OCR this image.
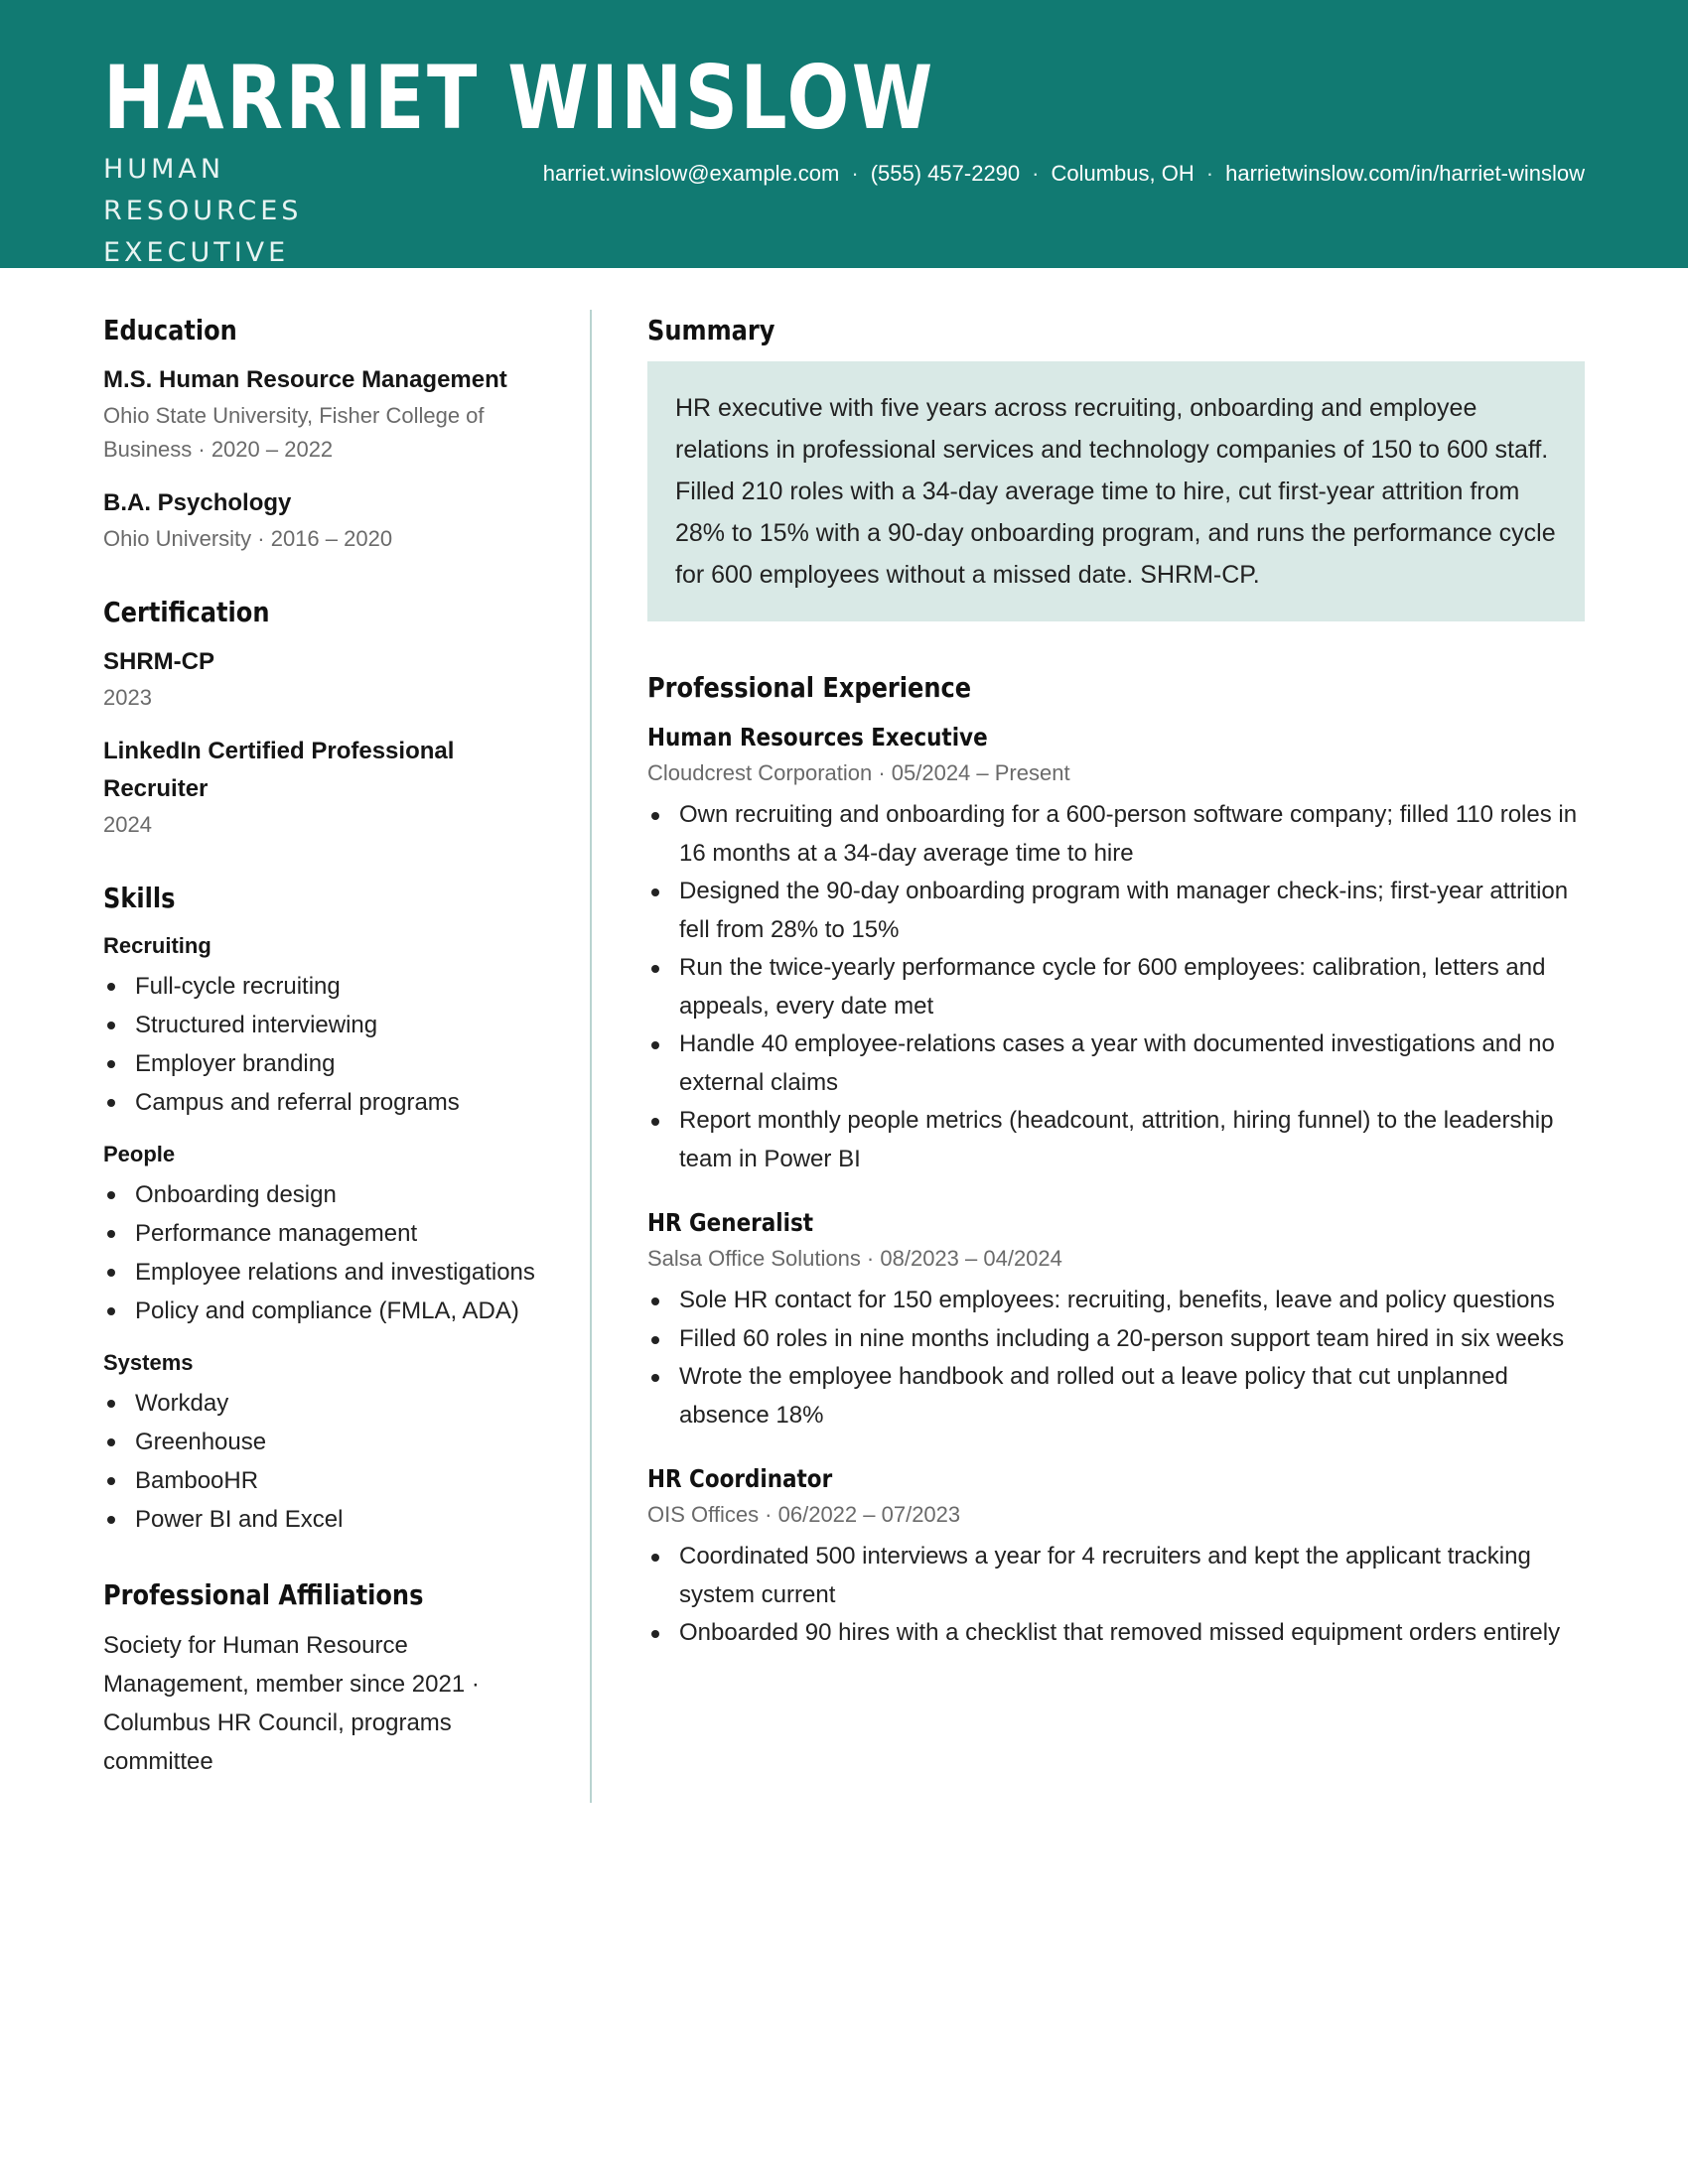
HARRIET WINSLOW
HUMAN RESOURCES EXECUTIVE
harriet.winslow@example.com · (555) 457-2290 · Columbus, OH · harrietwinslow.com/in/harriet-winslow
Education
M.S. Human Resource Management
Ohio State University, Fisher College of Business · 2020 – 2022
B.A. Psychology
Ohio University · 2016 – 2020
Certification
SHRM-CP
2023
LinkedIn Certified Professional Recruiter
2024
Skills
Recruiting
Full-cycle recruiting
Structured interviewing
Employer branding
Campus and referral programs
People
Onboarding design
Performance management
Employee relations and investigations
Policy and compliance (FMLA, ADA)
Systems
Workday
Greenhouse
BambooHR
Power BI and Excel
Professional Affiliations
Society for Human Resource Management, member since 2021 · Columbus HR Council, programs committee
Summary
HR executive with five years across recruiting, onboarding and employee relations in professional services and technology companies of 150 to 600 staff. Filled 210 roles with a 34-day average time to hire, cut first-year attrition from 28% to 15% with a 90-day onboarding program, and runs the performance cycle for 600 employees without a missed date. SHRM-CP.
Professional Experience
Human Resources Executive
Cloudcrest Corporation · 05/2024 – Present
Own recruiting and onboarding for a 600-person software company; filled 110 roles in 16 months at a 34-day average time to hire
Designed the 90-day onboarding program with manager check-ins; first-year attrition fell from 28% to 15%
Run the twice-yearly performance cycle for 600 employees: calibration, letters and appeals, every date met
Handle 40 employee-relations cases a year with documented investigations and no external claims
Report monthly people metrics (headcount, attrition, hiring funnel) to the leadership team in Power BI
HR Generalist
Salsa Office Solutions · 08/2023 – 04/2024
Sole HR contact for 150 employees: recruiting, benefits, leave and policy questions
Filled 60 roles in nine months including a 20-person support team hired in six weeks
Wrote the employee handbook and rolled out a leave policy that cut unplanned absence 18%
HR Coordinator
OIS Offices · 06/2022 – 07/2023
Coordinated 500 interviews a year for 4 recruiters and kept the applicant tracking system current
Onboarded 90 hires with a checklist that removed missed equipment orders entirely
